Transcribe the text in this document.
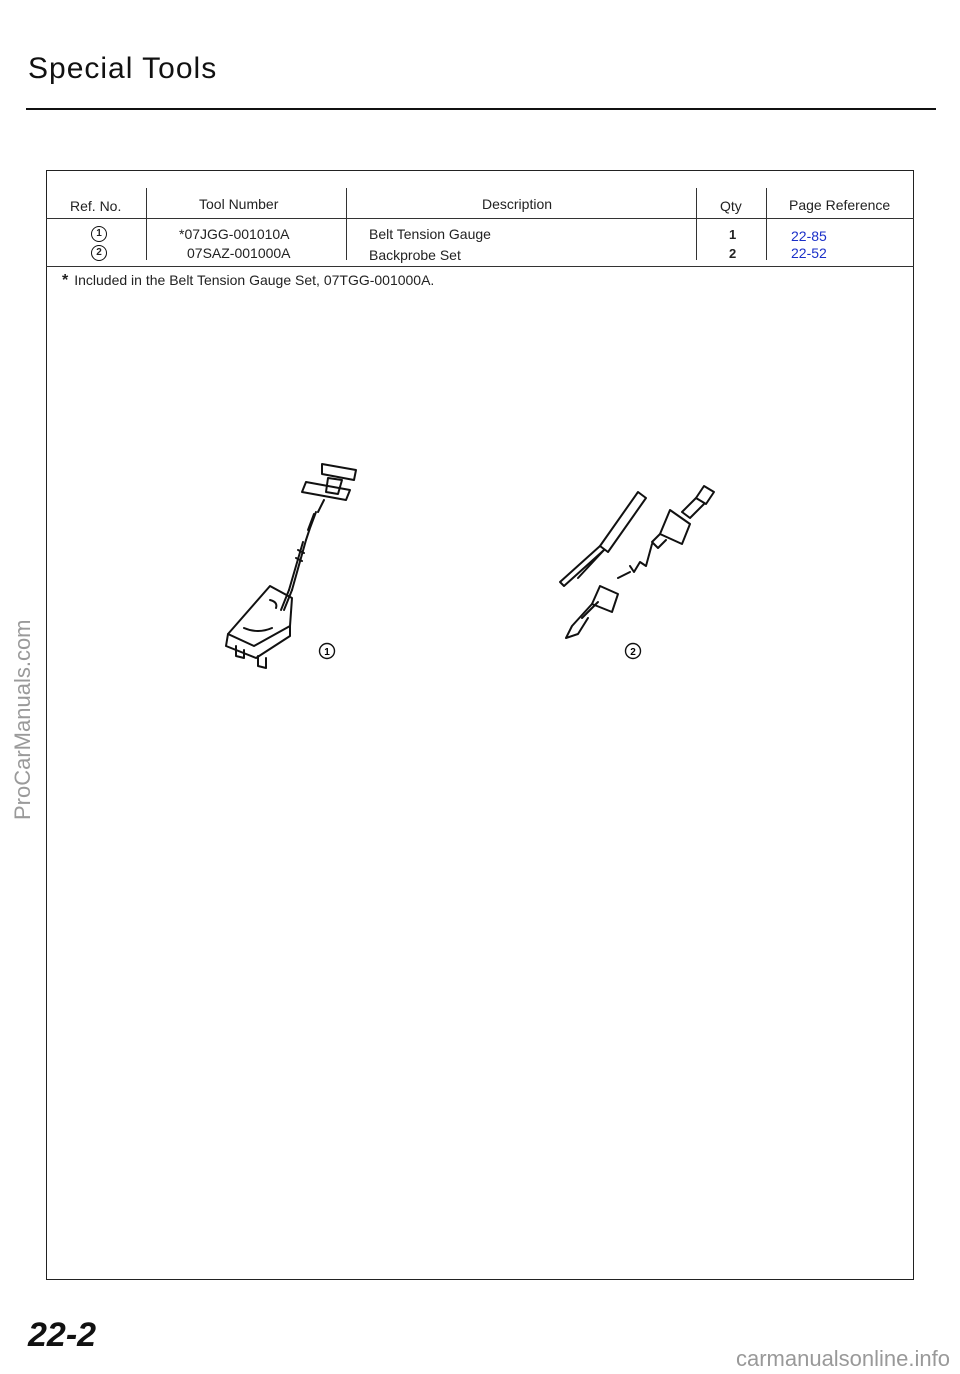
Special Tools
Ref. No.	Tool Number	Description	Qty	Page Reference
1	*07JGG-001010A	Belt Tension Gauge	1	22-85
2	07SAZ-001000A	Backprobe Set	2	22-52
* Included in the Belt Tension Gauge Set, 07TGG-001000A.
1	2
ProCarManuals.com
22-2
carmanualsonline.info
